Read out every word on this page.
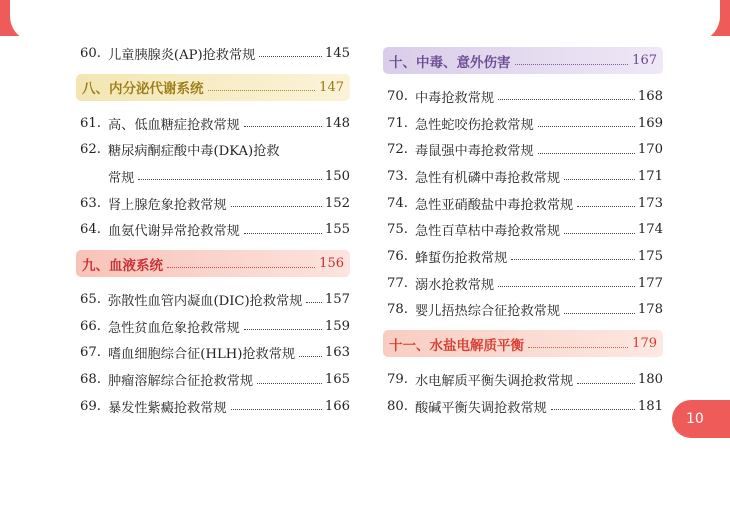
60. 儿童胰腺炎(AP)抢救常规	145
八、内分泌代谢系统	147
61. 高、低血糖症抢救常规	148
62. 糖尿病酮症酸中毒(DKA)抢救
常规	150
63. 肾上腺危象抢救常规	152
64. 血氨代谢异常抢救常规	155
九、血液系统	156
65. 弥散性血管内凝血(DIC)抢救常规 157
66. 急性贫血危象抢救常规	159
67. 嗜血细胞综合征(HLH)抢救常规 163
68. 肿瘤溶解综合征抢救常规	165
69. 暴发性紫癜抢救常规	166
十、中毒、意外伤害	167
70. 中毒抢救常规	168
71. 急性蛇咬伤抢救常规	169
72. 毒鼠强中毒抢救常规	170
73. 急性有机磷中毒抢救常规	171
74. 急性亚硝酸盐中毒抢救常规	173
75. 急性百草枯中毒抢救常规	174
76. 蜂蜇伤抢救常规	175
77. 溺水抢救常规	177
78. 婴儿捂热综合征抢救常规	178
十一、水盐电解质平衡	179
79. 水电解质平衡失调抢救常规	180
80. 酸碱平衡失调抢救常规	181
10
